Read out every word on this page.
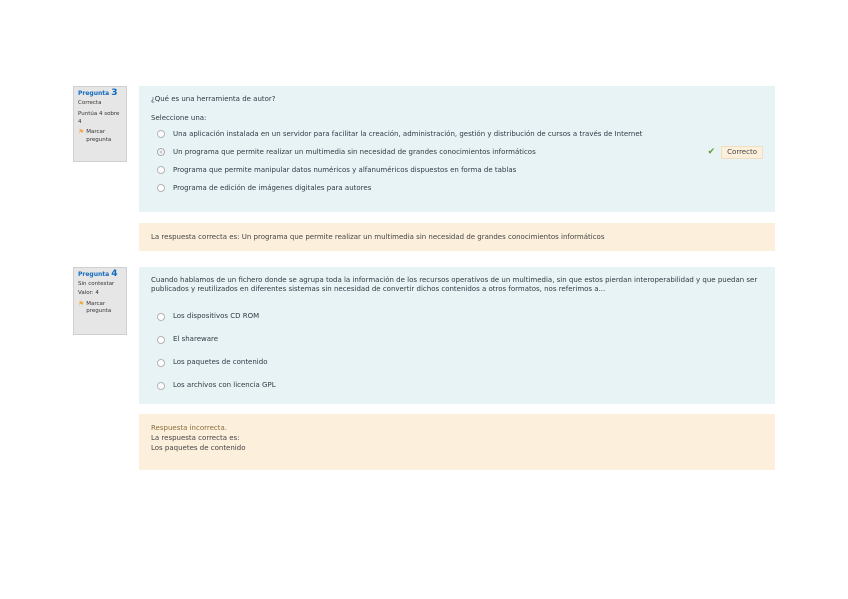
Pregunta 3
Correcta
Puntúa 4 sobre 4
⚑ Marcar pregunta
¿Qué es una herramienta de autor?
Seleccione una:
Una aplicación instalada en un servidor para facilitar la creación, administración, gestión y distribución de cursos a través de Internet
Un programa que permite realizar un multimedia sin necesidad de grandes conocimientos informáticos	✔	Correcto
Programa que permite manipular datos numéricos y alfanuméricos dispuestos en forma de tablas
Programa de edición de imágenes digitales para autores
La respuesta correcta es: Un programa que permite realizar un multimedia sin necesidad de grandes conocimientos informáticos
Pregunta 4
Sin contestar
Valor: 4
⚑ Marcar pregunta
Cuando hablamos de un fichero donde se agrupa toda la información de los recursos operativos de un multimedia, sin que estos pierdan interoperabilidad y que puedan ser publicados y reutilizados en diferentes sistemas sin necesidad de convertir dichos contenidos a otros formatos, nos referimos a...
Los dispositivos CD ROM
El shareware
Los paquetes de contenido
Los archivos con licencia GPL
Respuesta incorrecta.
La respuesta correcta es:
Los paquetes de contenido
